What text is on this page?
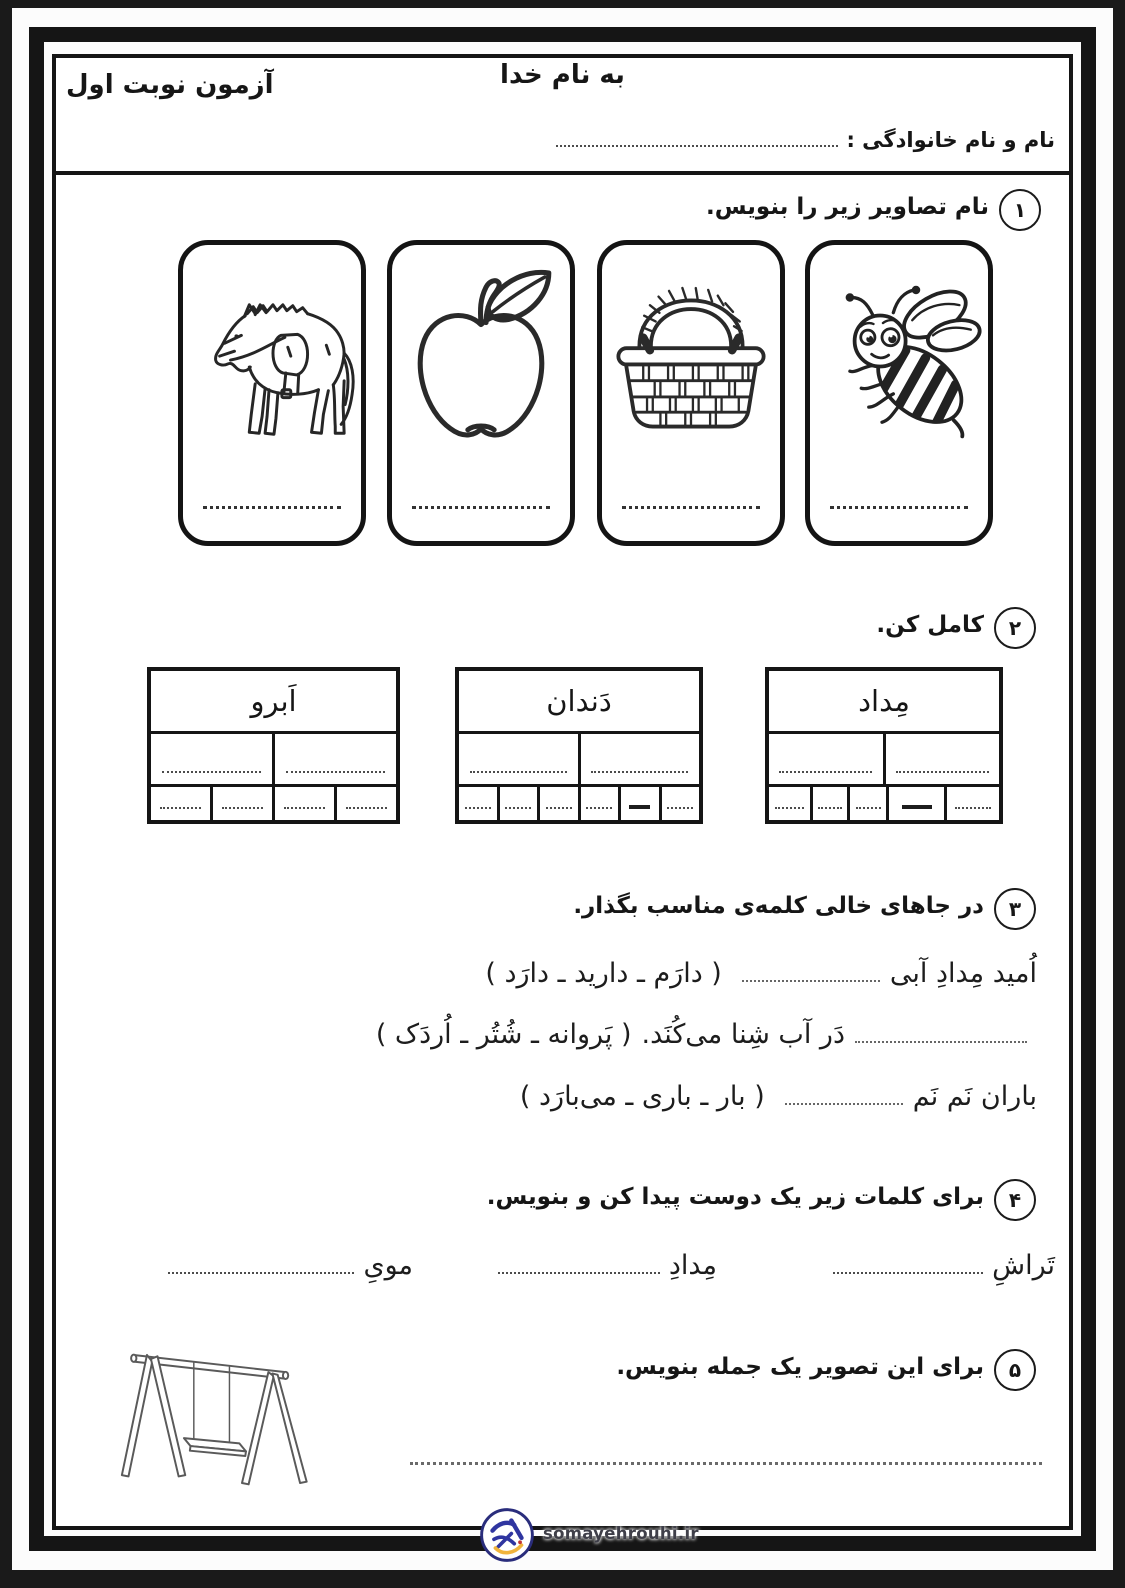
به نام خدا
آزمون نوبت اول
نام و نام خانوادگی :
۱
نام تصاویر زیر را بنویس.
۲
کامل کن.
اَبرو	دَندان	مِداد
۳
در جاهای خالی کلمه‌ی مناسب بگذار.
اُمید مِدادِ آبی
( دارَم ـ دارید ـ دارَد )
دَر آب شِنا می‌کُنَد.
( پَروانه ـ شُتُر ـ اُردَک )
باران نَم نَم
( بار ـ باری ـ می‌بارَد )
۴
برای کلمات زیر یک دوست پیدا کن و بنویس.
تَراشِ
مِدادِ
مویِ
۵
برای این تصویر یک جمله بنویس.
somayehrouhi.ir
